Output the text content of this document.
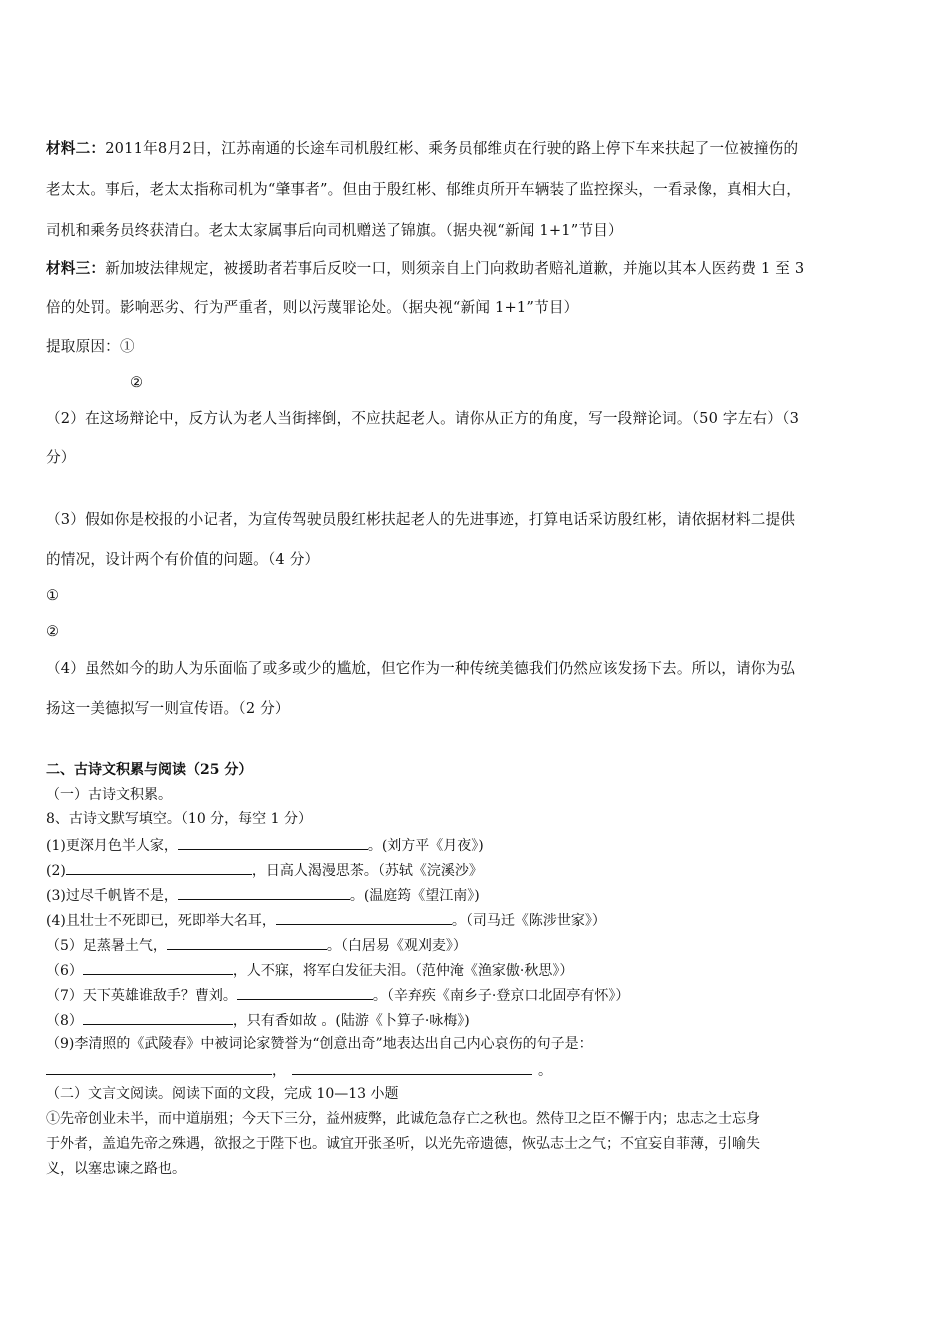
材料二：2011年8月2日，江苏南通的长途车司机殷红彬、乘务员郁维贞在行驶的路上停下车来扶起了一位被撞伤的
老太太。事后，老太太指称司机为“肇事者”。但由于殷红彬、郁维贞所开车辆装了监控探头，一看录像，真相大白，
司机和乘务员终获清白。老太太家属事后向司机赠送了锦旗。（据央视“新闻 1+1”节目）
材料三：新加坡法律规定，被援助者若事后反咬一口，则须亲自上门向救助者赔礼道歉，并施以其本人医药费 1 至 3
倍的处罚。影响恶劣、行为严重者，则以污蔑罪论处。（据央视“新闻 1+1”节目）
提取原因：①
②
（2）在这场辩论中，反方认为老人当街摔倒，不应扶起老人。请你从正方的角度，写一段辩论词。（50 字左右）（3
分）
（3）假如你是校报的小记者，为宣传驾驶员殷红彬扶起老人的先进事迹，打算电话采访殷红彬，请依据材料二提供
的情况，设计两个有价值的问题。（4 分）
①
②
（4）虽然如今的助人为乐面临了或多或少的尴尬，但它作为一种传统美德我们仍然应该发扬下去。所以，请你为弘
扬这一美德拟写一则宣传语。（2 分）
二、古诗文积累与阅读（25 分）
（一）古诗文积累。
8、古诗文默写填空。（10 分，每空 1 分）
(1)更深月色半人家，	。(刘方平《月夜》)
(2)	，日高人渴漫思茶。（苏轼《浣溪沙》
(3)过尽千帆皆不是，	。(温庭筠《望江南》)
(4)且壮士不死即已，死即举大名耳，	。（司马迁《陈涉世家》）
（5）足蒸暑土气，	。（白居易《观刈麦》）
（6）	，人不寐，将军白发征夫泪。（范仲淹《渔家傲·秋思》）
（7）天下英雄谁敌手？曹刘。	。（辛弃疾《南乡子·登京口北固亭有怀》）
（8）	，只有香如故 。(陆游《卜算子·咏梅》)
（9)李清照的《武陵春》中被词论家赞誉为“创意出奇”地表达出自己内心哀伤的句子是：
，	。
（二）文言文阅读。阅读下面的文段，完成 10—13 小题
①先帝创业未半，而中道崩殂；今天下三分，益州疲弊，此诚危急存亡之秋也。然侍卫之臣不懈于内；忠志之士忘身
于外者，盖追先帝之殊遇，欲报之于陛下也。诚宜开张圣听，以光先帝遗德，恢弘志士之气；不宜妄自菲薄，引喻失
义，以塞忠谏之路也。
